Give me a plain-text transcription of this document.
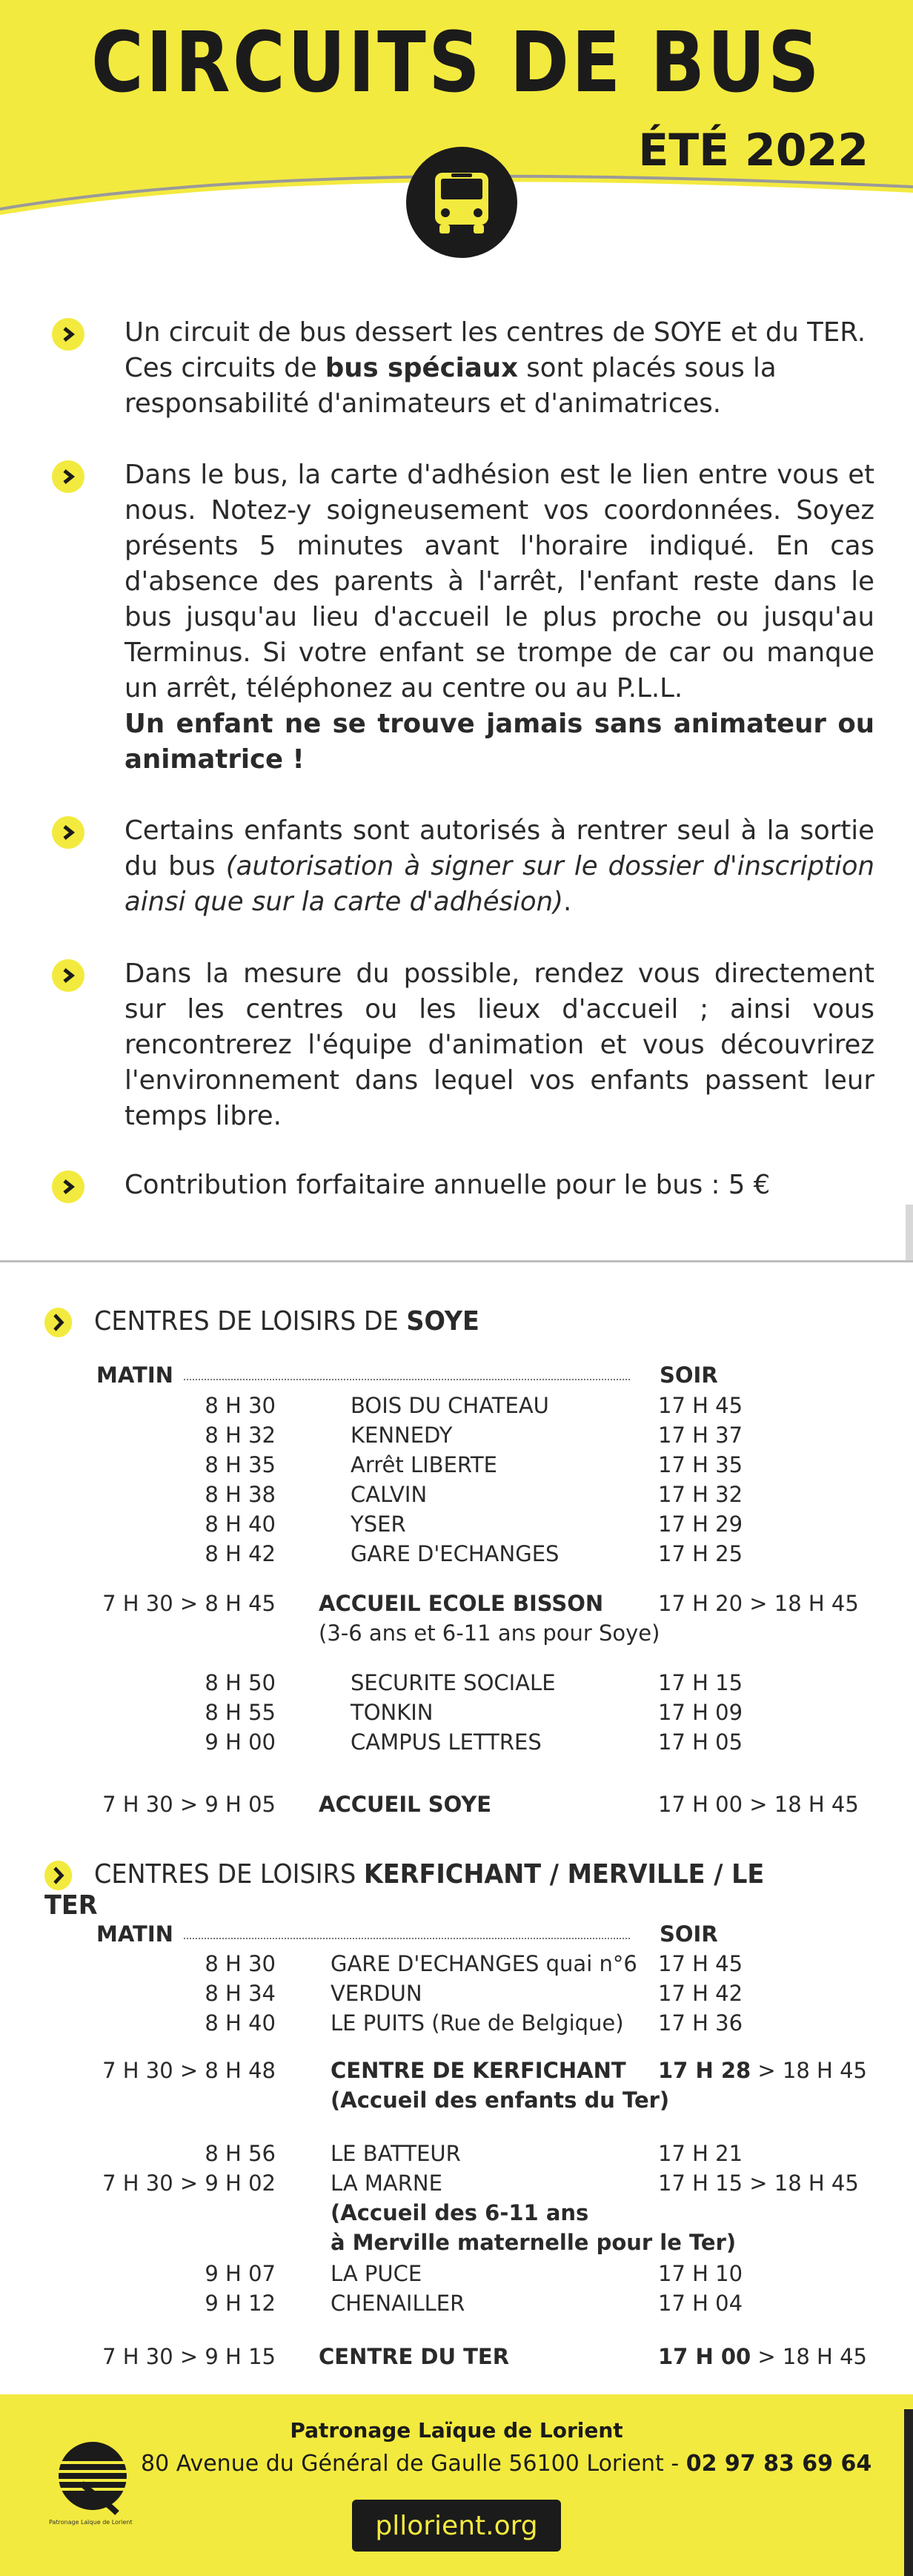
CIRCUITS DE BUS
ÉTÉ 2022

Un circuit de bus dessert les centres de SOYE et du TER.

Ces circuits de bus spéciaux sont placés sous la

responsabilité d'animateurs et d'animatrices.

Dans le bus, la carte d'adhésion est le lien entre vous et nous. Notez-y soigneusement vos coordonnées. Soyez présents 5 minutes avant l'horaire indiqué. En cas d'absence des parents à l'arrêt, l'enfant reste dans le bus jusqu'au lieu d'accueil le plus proche ou jusqu'au Terminus. Si votre enfant se trompe de car ou manque un arrêt, téléphonez au centre ou au P.L.L.

Un enfant ne se trouve jamais sans animateur ou animatrice !

Certains enfants sont autorisés à rentrer seul à la sortie du bus (autorisation à signer sur le dossier d'inscription ainsi que sur la carte d'adhésion).

Dans la mesure du possible, rendez vous directement sur les centres ou les lieux d'accueil ; ainsi vous rencontrerez l'équipe d'animation et vous découvrirez l'environnement dans lequel vos enfants passent leur temps libre.

Contribution forfaitaire annuelle pour le bus : 5 €

CENTRES DE LOISIRS DE SOYE
MATIN	SOIR
8 H 30	BOIS DU CHATEAU	17 H 45
8 H 32	KENNEDY	17 H 37
8 H 35	Arrêt LIBERTE	17 H 35
8 H 38	CALVIN	17 H 32
8 H 40	YSER	17 H 29
8 H 42	GARE D'ECHANGES	17 H 25
7 H 30 > 8 H 45 ACCUEIL ECOLE BISSON	17 H 20 > 18 H 45
(3-6 ans et 6-11 ans pour Soye)
8 H 50	SECURITE SOCIALE	17 H 15
8 H 55	TONKIN	17 H 09
9 H 00	CAMPUS LETTRES	17 H 05
7 H 30 > 9 H 05 ACCUEIL SOYE	17 H 00 > 18 H 45
CENTRES DE LOISIRS KERFICHANT / MERVILLE / LE TER
MATIN	SOIR
8 H 30	GARE D'ECHANGES quai n°6 17 H 45
8 H 34	VERDUN	17 H 42
8 H 40	LE PUITS (Rue de Belgique) 17 H 36
7 H 30 > 8 H 48	CENTRE DE KERFICHANT 17 H 28 > 18 H 45
(Accueil des enfants du Ter)
8 H 56	LE BATTEUR	17 H 21
7 H 30 > 9 H 02	LA MARNE	17 H 15 > 18 H 45
(Accueil des 6-11 ans
à Merville maternelle pour le Ter)
9 H 07	LA PUCE	17 H 10
9 H 12	CHENAILLER	17 H 04
7 H 30 > 9 H 15 CENTRE DU TER	17 H 00 > 18 H 45
Patronage Laïque de Lorient
Patronage Laïque de Lorient
80 Avenue du Général de Gaulle 56100 Lorient - 02 97 83 69 64
pllorient.org
